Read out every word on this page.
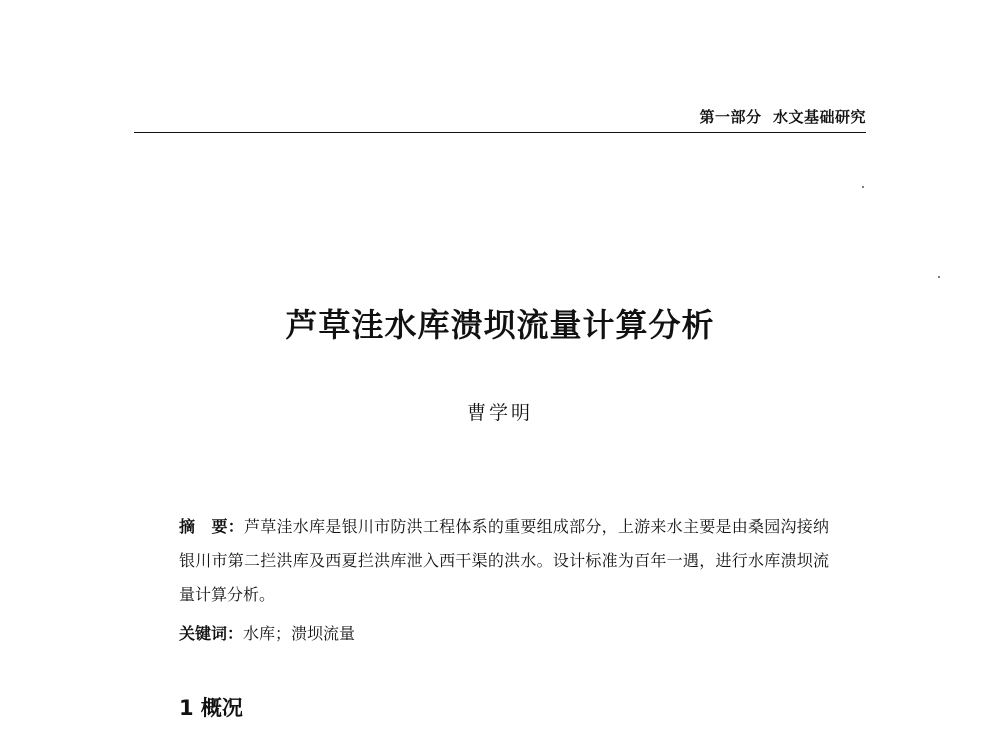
第一部分  水文基础研究
芦草洼水库溃坝流量计算分析
曹学明
摘　要：芦草洼水库是银川市防洪工程体系的重要组成部分，上游来水主要是由桑园沟接纳银川市第二拦洪库及西夏拦洪库泄入西干渠的洪水。设计标准为百年一遇，进行水库溃坝流量计算分析。
关键词：水库；溃坝流量
1 概况
